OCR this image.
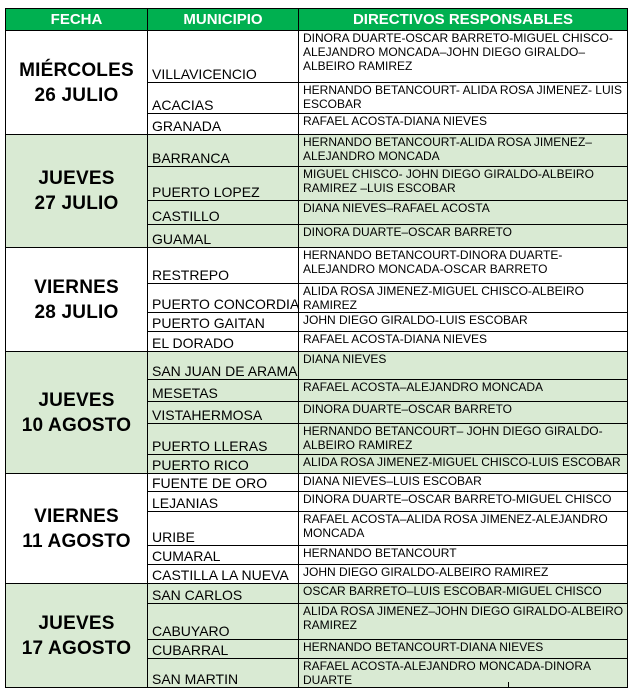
FECHA	MUNICIPIO	DIRECTIVOS RESPONSABLES

MIÉRCOLES
26 JULIO	VILLAVICENCIO	DINORA DUARTE-OSCAR BARRETO-MIGUEL CHISCO-ALEJANDRO MONCADA–JOHN DIEGO GIRALDO–ALBEIRO RAMIREZ
	ACACIAS	HERNANDO BETANCOURT- ALIDA ROSA JIMENEZ- LUIS ESCOBAR
	GRANADA	RAFAEL ACOSTA-DIANA NIEVES

JUEVES
27 JULIO	BARRANCA	HERNANDO BETANCOURT-ALIDA ROSA JIMENEZ–ALEJANDRO MONCADA
	PUERTO LOPEZ	MIGUEL CHISCO- JOHN DIEGO GIRALDO-ALBEIRO RAMIREZ –LUIS ESCOBAR
	CASTILLO	DIANA NIEVES–RAFAEL ACOSTA
	GUAMAL	DINORA DUARTE–OSCAR BARRETO

VIERNES
28 JULIO	RESTREPO	HERNANDO BETANCOURT-DINORA DUARTE- ALEJANDRO MONCADA-OSCAR BARRETO
	PUERTO CONCORDIA	ALIDA ROSA JIMENEZ-MIGUEL CHISCO-ALBEIRO RAMIREZ
	PUERTO GAITAN	JOHN DIEGO GIRALDO-LUIS ESCOBAR
	EL DORADO	RAFAEL ACOSTA-DIANA NIEVES

JUEVES
10 AGOSTO	SAN JUAN DE ARAMA	DIANA NIEVES
	MESETAS	RAFAEL ACOSTA–ALEJANDRO MONCADA
	VISTAHERMOSA	DINORA DUARTE–OSCAR BARRETO
	PUERTO LLERAS	HERNANDO BETANCOURT– JOHN DIEGO GIRALDO-ALBEIRO RAMIREZ
	PUERTO RICO	ALIDA ROSA JIMENEZ-MIGUEL CHISCO-LUIS ESCOBAR

VIERNES
11 AGOSTO	FUENTE DE ORO	DIANA NIEVES–LUIS ESCOBAR
	LEJANIAS	DINORA DUARTE–OSCAR BARRETO-MIGUEL CHISCO
	URIBE	RAFAEL ACOSTA–ALIDA ROSA JIMENEZ-ALEJANDRO MONCADA
	CUMARAL	HERNANDO BETANCOURT
	CASTILLA LA NUEVA	JOHN DIEGO GIRALDO-ALBEIRO RAMIREZ

JUEVES
17 AGOSTO	SAN CARLOS	OSCAR BARRETO–LUIS ESCOBAR-MIGUEL CHISCO
	CABUYARO	ALIDA ROSA JIMENEZ–JOHN DIEGO GIRALDO-ALBEIRO RAMIREZ
	CUBARRAL	HERNANDO BETANCOURT-DIANA NIEVES
	SAN MARTIN	RAFAEL ACOSTA-ALEJANDRO MONCADA-DINORA DUARTE
